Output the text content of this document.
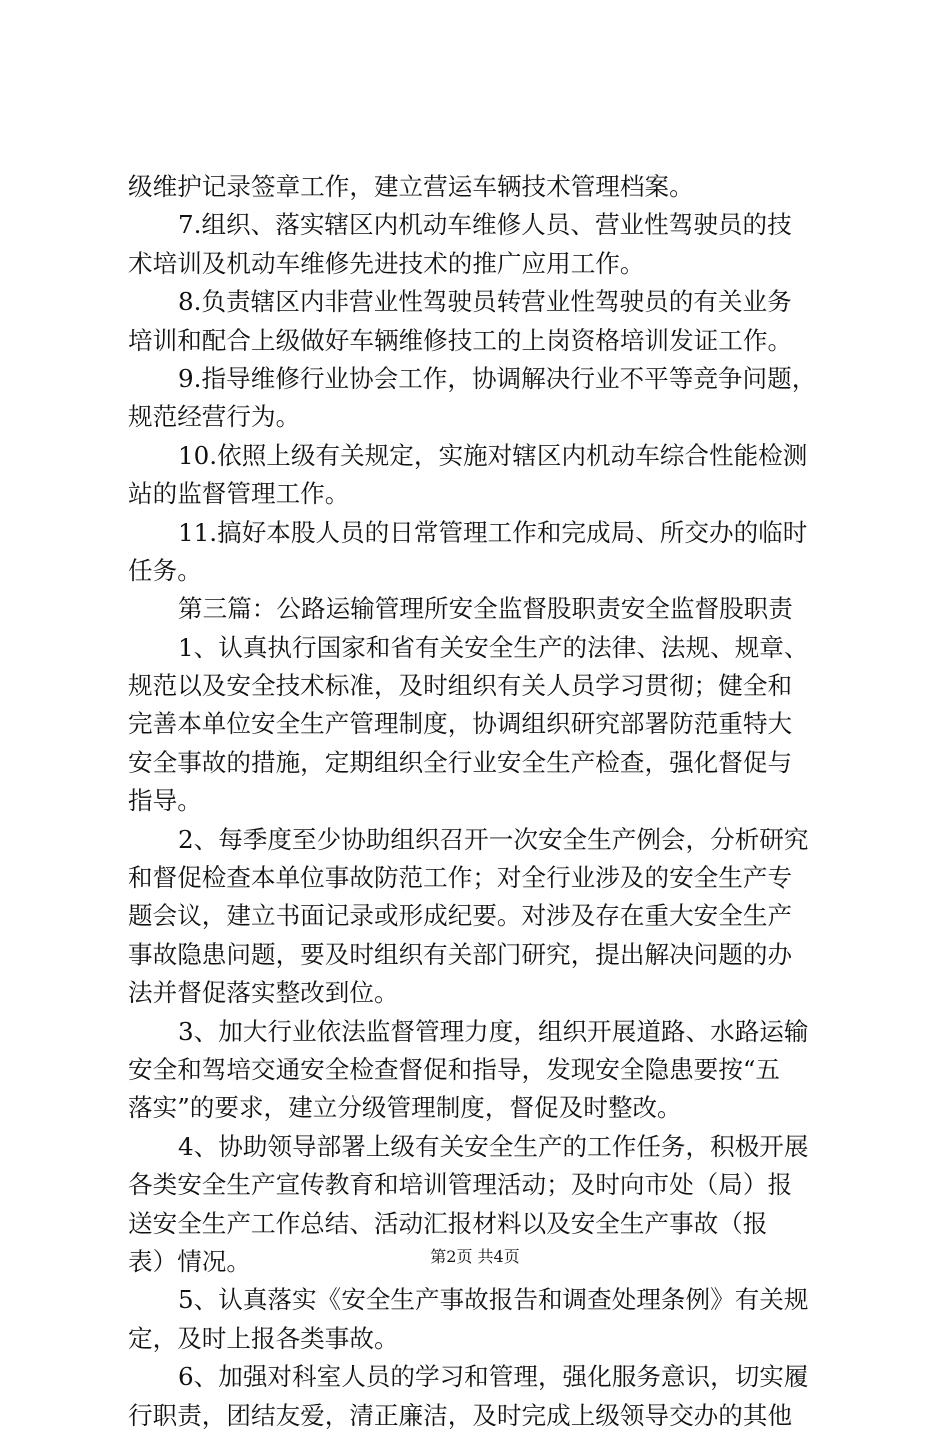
级维护记录签章工作，建立营运车辆技术管理档案。
7.组织、落实辖区内机动车维修人员、营业性驾驶员的技
术培训及机动车维修先进技术的推广应用工作。
8.负责辖区内非营业性驾驶员转营业性驾驶员的有关业务
培训和配合上级做好车辆维修技工的上岗资格培训发证工作。
9.指导维修行业协会工作，协调解决行业不平等竞争问题，
规范经营行为。
10.依照上级有关规定，实施对辖区内机动车综合性能检测
站的监督管理工作。
11.搞好本股人员的日常管理工作和完成局、所交办的临时
任务。
第三篇：公路运输管理所安全监督股职责安全监督股职责
1、认真执行国家和省有关安全生产的法律、法规、规章、
规范以及安全技术标准，及时组织有关人员学习贯彻；健全和
完善本单位安全生产管理制度，协调组织研究部署防范重特大
安全事故的措施，定期组织全行业安全生产检查，强化督促与
指导。
2、每季度至少协助组织召开一次安全生产例会，分析研究
和督促检查本单位事故防范工作；对全行业涉及的安全生产专
题会议，建立书面记录或形成纪要。对涉及存在重大安全生产
事故隐患问题，要及时组织有关部门研究，提出解决问题的办
法并督促落实整改到位。
3、加大行业依法监督管理力度，组织开展道路、水路运输
安全和驾培交通安全检查督促和指导，发现安全隐患要按“五
落实”的要求，建立分级管理制度，督促及时整改。
4、协助领导部署上级有关安全生产的工作任务，积极开展
各类安全生产宣传教育和培训管理活动；及时向市处（局）报
送安全生产工作总结、活动汇报材料以及安全生产事故（报
表）情况。
5、认真落实《安全生产事故报告和调查处理条例》有关规
定，及时上报各类事故。
6、加强对科室人员的学习和管理，强化服务意识，切实履
行职责，团结友爱，清正廉洁，及时完成上级领导交办的其他
第2页 共4页
